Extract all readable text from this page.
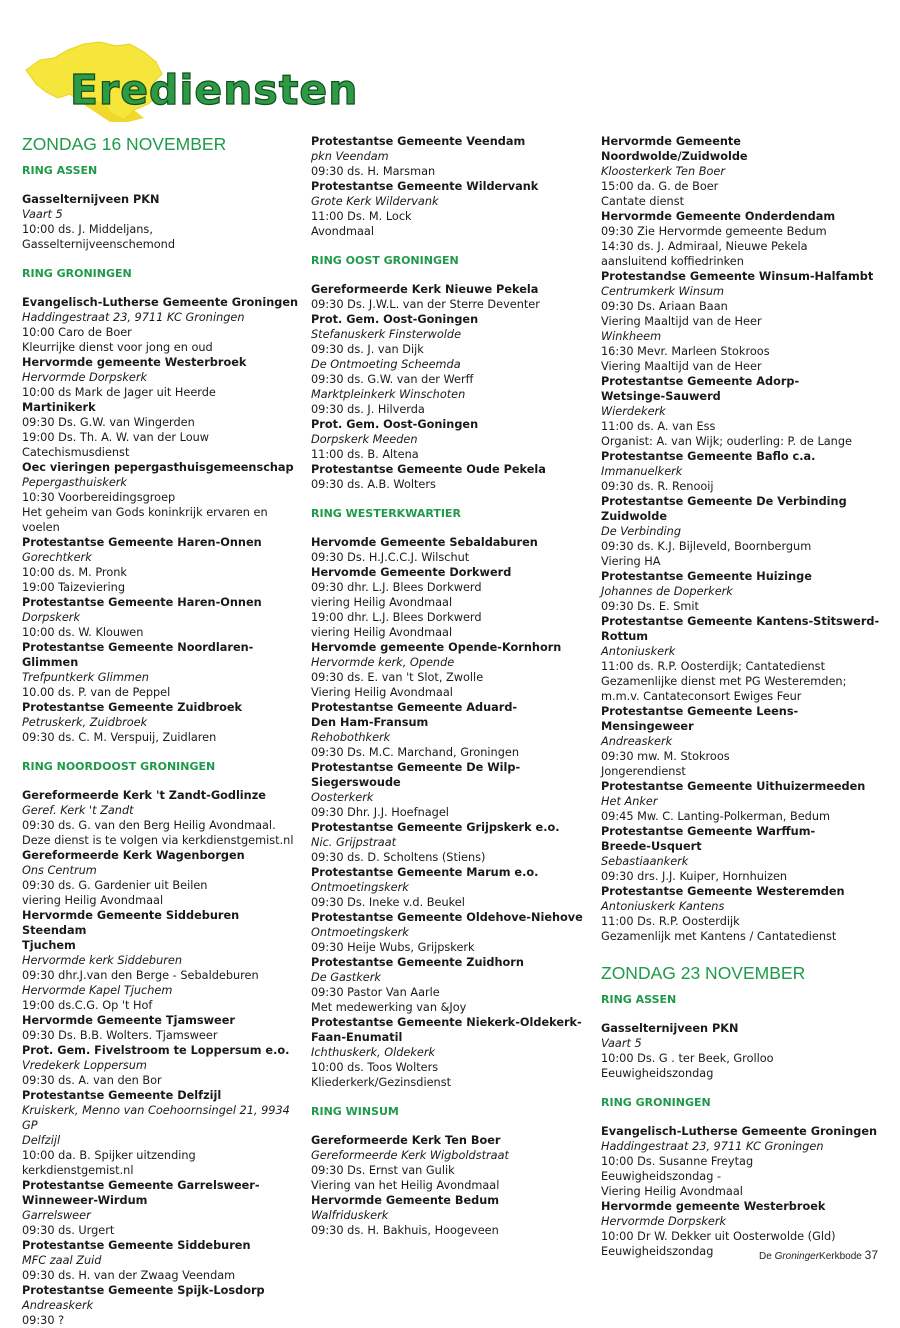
Erediensten
ZONDAG 16 NOVEMBER
RING ASSEN
Gasselternijveen PKN
Vaart 5
10:00 ds. J. Middeljans, Gasselternijveenschemond
RING GRONINGEN
Evangelisch-Lutherse Gemeente Groningen
Haddingestraat 23, 9711 KC Groningen
10:00 Caro de Boer
Kleurrijke dienst voor jong en oud
Hervormde gemeente Westerbroek
Hervormde Dorpskerk
10:00 ds Mark de Jager uit Heerde
Martinikerk
09:30 Ds. G.W. van Wingerden
19:00 Ds. Th. A. W. van der Louw
Catechismusdienst
Oec vieringen pepergasthuisgemeenschap
Pepergasthuiskerk
10:30 Voorbereidingsgroep
Het geheim van Gods koninkrijk ervaren en voelen
Protestantse Gemeente Haren-Onnen
Gorechtkerk
10:00 ds. M. Pronk
19:00 Taizeviering
Protestantse Gemeente Haren-Onnen
Dorpskerk
10:00 ds. W. Klouwen
Protestantse Gemeente Noordlaren-Glimmen
Trefpuntkerk Glimmen
10.00 ds. P. van de Peppel
Protestantse Gemeente Zuidbroek
Petruskerk, Zuidbroek
09:30 ds. C. M. Verspuij, Zuidlaren
RING NOORDOOST GRONINGEN
Gereformeerde Kerk 't Zandt-Godlinze
Geref. Kerk 't Zandt
09:30 ds. G. van den Berg Heilig Avondmaal.
Deze dienst is te volgen via kerkdienstgemist.nl
Gereformeerde Kerk Wagenborgen
Ons Centrum
09:30 ds. G. Gardenier uit Beilen
viering Heilig Avondmaal
Hervormde Gemeente Siddeburen Steendam
Tjuchem
Hervormde kerk Siddeburen
09:30 dhr.J.van den Berge - Sebaldeburen
Hervormde Kapel Tjuchem
19:00 ds.C.G. Op 't Hof
Hervormde Gemeente Tjamsweer
09:30 Ds. B.B. Wolters. Tjamsweer
Prot. Gem. Fivelstroom te Loppersum e.o.
Vredekerk Loppersum
09:30 ds. A. van den Bor
Protestantse Gemeente Delfzijl
Kruiskerk, Menno van Coehoornsingel 21, 9934 GP
Delfzijl
10:00 da. B. Spijker uitzending kerkdienstgemist.nl
Protestantse Gemeente Garrelsweer-
Winneweer-Wirdum
Garrelsweer
09:30 ds. Urgert
Protestantse Gemeente Siddeburen
MFC zaal Zuid
09:30 ds. H. van der Zwaag Veendam
Protestantse Gemeente Spijk-Losdorp
Andreaskerk
09:30 ?
Protestantse Gemeente Veendam
pkn Veendam
09:30 ds. H. Marsman
Protestantse Gemeente Wildervank
Grote Kerk Wildervank
11:00 Ds. M. Lock
Avondmaal
RING OOST GRONINGEN
Gereformeerde Kerk Nieuwe Pekela
09:30 Ds. J.W.L. van der Sterre Deventer
Prot. Gem. Oost-Goningen
Stefanuskerk Finsterwolde
09:30 ds. J. van Dijk
De Ontmoeting Scheemda
09:30 ds. G.W. van der Werff
Marktpleinkerk Winschoten
09:30 ds. J. Hilverda
Prot. Gem. Oost-Goningen
Dorpskerk Meeden
11:00 ds. B. Altena
Protestantse Gemeente Oude Pekela
09:30 ds. A.B. Wolters
RING WESTERKWARTIER
Hervomde Gemeente Sebaldaburen
09:30 Ds. H.J.C.C.J. Wilschut
Hervomde Gemeente Dorkwerd
09:30 dhr. L.J. Blees Dorkwerd
viering Heilig Avondmaal
19:00 dhr. L.J. Blees Dorkwerd
viering Heilig Avondmaal
Hervomde gemeente Opende-Kornhorn
Hervormde kerk, Opende
09:30 ds. E. van 't Slot, Zwolle
Viering Heilig Avondmaal
Protestantse Gemeente Aduard-
Den Ham-Fransum
Rehobothkerk
09:30 Ds. M.C. Marchand, Groningen
Protestantse Gemeente De Wilp-Siegerswoude
Oosterkerk
09:30 Dhr. J.J. Hoefnagel
Protestantse Gemeente Grijpskerk e.o.
Nic. Grijpstraat
09:30 ds. D. Scholtens (Stiens)
Protestantse Gemeente Marum e.o.
Ontmoetingskerk
09:30 Ds. Ineke v.d. Beukel
Protestantse Gemeente Oldehove-Niehove
Ontmoetingskerk
09:30 Heije Wubs, Grijpskerk
Protestantse Gemeente Zuidhorn
De Gastkerk
09:30 Pastor Van Aarle
Met medewerking van &Joy
Protestantse Gemeente Niekerk-Oldekerk-
Faan-Enumatil
Ichthuskerk, Oldekerk
10:00 ds. Toos Wolters
Kliederkerk/Gezinsdienst
RING WINSUM
Gereformeerde Kerk Ten Boer
Gereformeerde Kerk Wigboldstraat
09:30 Ds. Ernst van Gulik
Viering van het Heilig Avondmaal
Hervormde Gemeente Bedum
Walfriduskerk
09:30 ds. H. Bakhuis, Hoogeveen
Hervormde Gemeente Noordwolde/Zuidwolde
Kloosterkerk Ten Boer
15:00 da. G. de Boer
Cantate dienst
Hervormde Gemeente Onderdendam
09:30 Zie Hervormde gemeente Bedum
14:30 ds. J. Admiraal, Nieuwe Pekela
aansluitend koffiedrinken
Protestandse Gemeente Winsum-Halfambt
Centrumkerk Winsum
09:30 Ds. Ariaan Baan
Viering Maaltijd van de Heer
Winkheem
16:30 Mevr. Marleen Stokroos
Viering Maaltijd van de Heer
Protestantse Gemeente Adorp-
Wetsinge-Sauwerd
Wierdekerk
11:00 ds. A. van Ess
Organist: A. van Wijk; ouderling: P. de Lange
Protestantse Gemeente Baflo c.a.
Immanuelkerk
09:30 ds. R. Renooij
Protestantse Gemeente De Verbinding
Zuidwolde
De Verbinding
09:30 ds. K.J. Bijleveld, Boornbergum
Viering HA
Protestantse Gemeente Huizinge
Johannes de Doperkerk
09:30 Ds. E. Smit
Protestantse Gemeente Kantens-Stitswerd-
Rottum
Antoniuskerk
11:00 ds. R.P. Oosterdijk; Cantatedienst
Gezamenlijke dienst met PG Westeremden;
m.m.v. Cantateconsort Ewiges Feur
Protestantse Gemeente Leens-Mensingeweer
Andreaskerk
09:30 mw. M. Stokroos
Jongerendienst
Protestantse Gemeente Uithuizermeeden
Het Anker
09:45 Mw. C. Lanting-Polkerman, Bedum
Protestantse Gemeente Warffum-
Breede-Usquert
Sebastiaankerk
09:30 drs. J.J. Kuiper, Hornhuizen
Protestantse Gemeente Westeremden
Antoniuskerk Kantens
11:00 Ds. R.P. Oosterdijk
Gezamenlijk met Kantens / Cantatedienst
ZONDAG 23 NOVEMBER
RING ASSEN
Gasselternijveen PKN
Vaart 5
10:00 Ds. G . ter Beek, Grolloo
Eeuwigheidszondag
RING GRONINGEN
Evangelisch-Lutherse Gemeente Groningen
Haddingestraat 23, 9711 KC Groningen
10:00 Ds. Susanne Freytag
Eeuwigheidszondag -
Viering Heilig Avondmaal
Hervormde gemeente Westerbroek
Hervormde Dorpskerk
10:00 Dr W. Dekker uit Oosterwolde (Gld)
Eeuwigheidszondag	De GroningerKerkbode 37
